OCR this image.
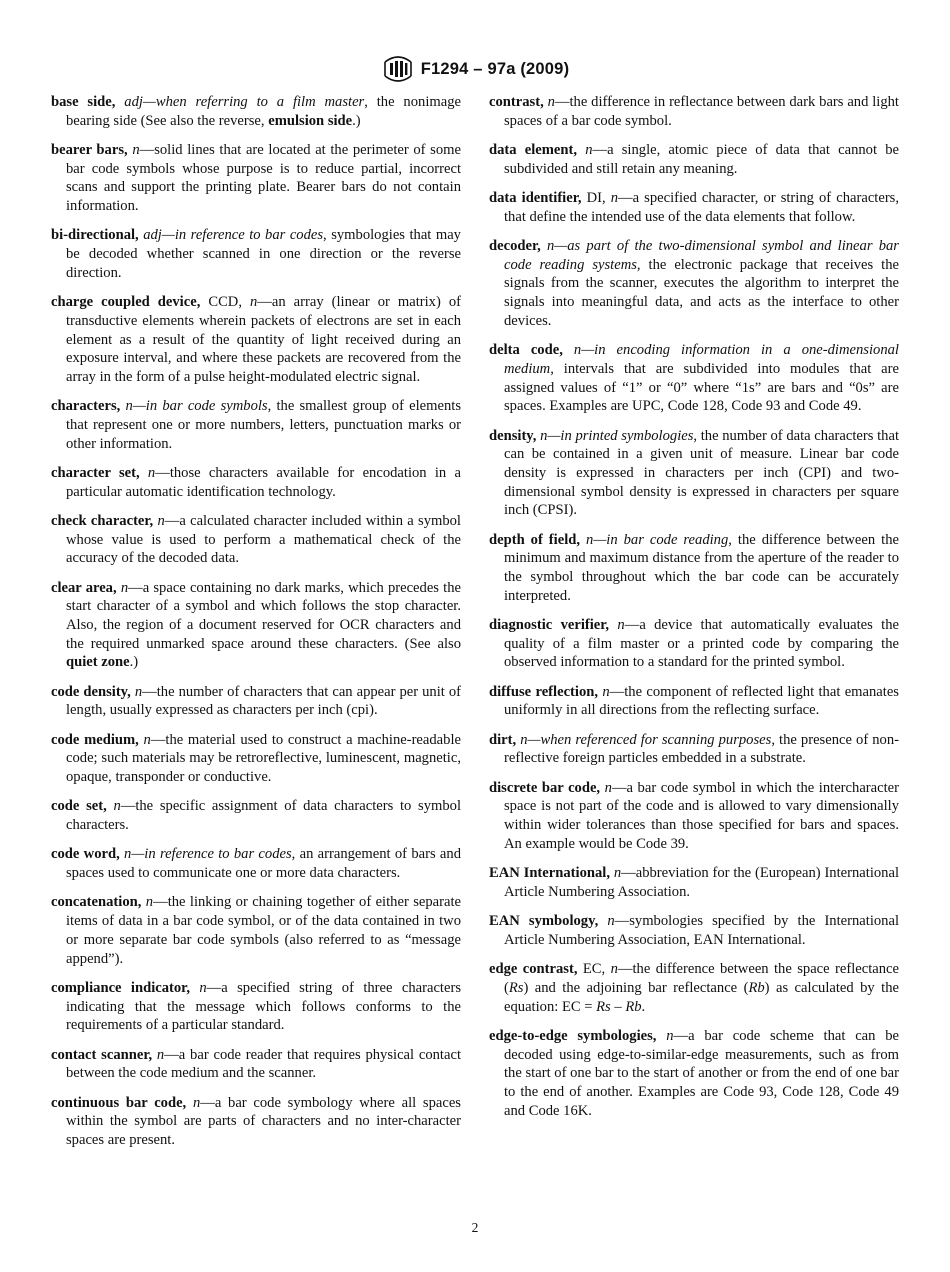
F1294 – 97a (2009)

base side, adj—when referring to a film master, the nonimage bearing side (See also the reverse, emulsion side.)

bearer bars, n—solid lines that are located at the perimeter of some bar code symbols whose purpose is to reduce partial, incorrect scans and support the printing plate. Bearer bars do not contain information.

bi-directional, adj—in reference to bar codes, symbologies that may be decoded whether scanned in one direction or the reverse direction.

charge coupled device, CCD, n—an array (linear or matrix) of transductive elements wherein packets of electrons are set in each element as a result of the quantity of light received during an exposure interval, and where these packets are recovered from the array in the form of a pulse height-modulated electric signal.

characters, n—in bar code symbols, the smallest group of elements that represent one or more numbers, letters, punctuation marks or other information.

character set, n—those characters available for encodation in a particular automatic identification technology.

check character, n—a calculated character included within a symbol whose value is used to perform a mathematical check of the accuracy of the decoded data.

clear area, n—a space containing no dark marks, which precedes the start character of a symbol and which follows the stop character. Also, the region of a document reserved for OCR characters and the required unmarked space around these characters. (See also quiet zone.)

code density, n—the number of characters that can appear per unit of length, usually expressed as characters per inch (cpi).

code medium, n—the material used to construct a machine-readable code; such materials may be retroreflective, luminescent, magnetic, opaque, transponder or conductive.

code set, n—the specific assignment of data characters to symbol characters.

code word, n—in reference to bar codes, an arrangement of bars and spaces used to communicate one or more data characters.

concatenation, n—the linking or chaining together of either separate items of data in a bar code symbol, or of the data contained in two or more separate bar code symbols (also referred to as “message append”).

compliance indicator, n—a specified string of three characters indicating that the message which follows conforms to the requirements of a particular standard.

contact scanner, n—a bar code reader that requires physical contact between the code medium and the scanner.

continuous bar code, n—a bar code symbology where all spaces within the symbol are parts of characters and no inter-character spaces are present.

contrast, n—the difference in reflectance between dark bars and light spaces of a bar code symbol.

data element, n—a single, atomic piece of data that cannot be subdivided and still retain any meaning.

data identifier, DI, n—a specified character, or string of characters, that define the intended use of the data elements that follow.

decoder, n—as part of the two-dimensional symbol and linear bar code reading systems, the electronic package that receives the signals from the scanner, executes the algorithm to interpret the signals into meaningful data, and acts as the interface to other devices.

delta code, n—in encoding information in a one-dimensional medium, intervals that are subdivided into modules that are assigned values of “1” or “0” where “1s” are bars and “0s” are spaces. Examples are UPC, Code 128, Code 93 and Code 49.

density, n—in printed symbologies, the number of data characters that can be contained in a given unit of measure. Linear bar code density is expressed in characters per inch (CPI) and two-dimensional symbol density is expressed in characters per square inch (CPSI).

depth of field, n—in bar code reading, the difference between the minimum and maximum distance from the aperture of the reader to the symbol throughout which the bar code can be accurately interpreted.

diagnostic verifier, n—a device that automatically evaluates the quality of a film master or a printed code by comparing the observed information to a standard for the printed symbol.

diffuse reflection, n—the component of reflected light that emanates uniformly in all directions from the reflecting surface.

dirt, n—when referenced for scanning purposes, the presence of non-reflective foreign particles embedded in a substrate.

discrete bar code, n—a bar code symbol in which the intercharacter space is not part of the code and is allowed to vary dimensionally within wider tolerances than those specified for bars and spaces. An example would be Code 39.

EAN International, n—abbreviation for the (European) International Article Numbering Association.

EAN symbology, n—symbologies specified by the International Article Numbering Association, EAN International.

edge contrast, EC, n—the difference between the space reflectance (Rs) and the adjoining bar reflectance (Rb) as calculated by the equation: EC = Rs – Rb.

edge-to-edge symbologies, n—a bar code scheme that can be decoded using edge-to-similar-edge measurements, such as from the start of one bar to the start of another or from the end of one bar to the end of another. Examples are Code 93, Code 128, Code 49 and Code 16K.

2
